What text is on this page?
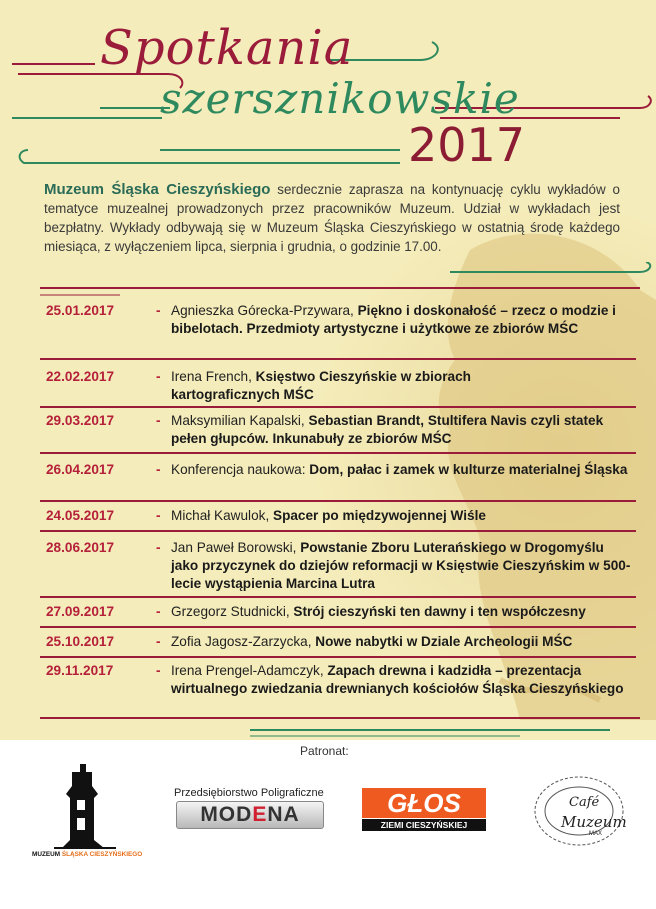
Spotkania
szersznikowskie
2017

Muzeum Śląska Cieszyńskiego serdecznie zaprasza na kontynuację cyklu wykładów o tematyce muzealnej prowadzonych przez pracowników Muzeum. Udział w wykładach jest bezpłatny. Wykłady odbywają się w Muzeum Śląska Cieszyńskiego w ostatnią środę każdego miesiąca, z wyłączeniem lipca, sierpnia i grudnia, o godzinie 17.00.

25.01.2017	- Agnieszka Górecka-Przywara, Piękno i doskonałość – rzecz o modzie i bibelotach. Przedmioty artystyczne i użytkowe ze zbiorów MŚC
22.02.2017	- Irena French, Księstwo Cieszyńskie w zbiorach kartograficznych MŚC
29.03.2017	- Maksymilian Kapalski, Sebastian Brandt, Stultifera Navis czyli statek pełen głupców. Inkunabuły ze zbiorów MŚC
26.04.2017	- Konferencja naukowa: Dom, pałac i zamek w kulturze materialnej Śląska
24.05.2017	- Michał Kawulok, Spacer po międzywojennej Wiśle
28.06.2017	- Jan Paweł Borowski, Powstanie Zboru Luterańskiego w Drogomyślu jako przyczynek do dziejów reformacji w Księstwie Cieszyńskim w 500-lecie wystąpienia Marcina Lutra
27.09.2017	- Grzegorz Studnicki, Strój cieszyński ten dawny i ten współczesny
25.10.2017	- Zofia Jagosz-Zarzycka, Nowe nabytki w Dziale Archeologii MŚC
29.11.2017	- Irena Prengel-Adamczyk, Zapach drewna i kadzidła – prezentacja wirtualnego zwiedzania drewnianych kościołów Śląska Cieszyńskiego
Patronat:
MUZEUM ŚLĄSKA CIESZYŃSKIEGO
Przedsiębiorstwo Poligraficzne
MODENA	GŁOS
ZIEMI CIESZYŃSKIEJ
Café
Muzeum
MAX
